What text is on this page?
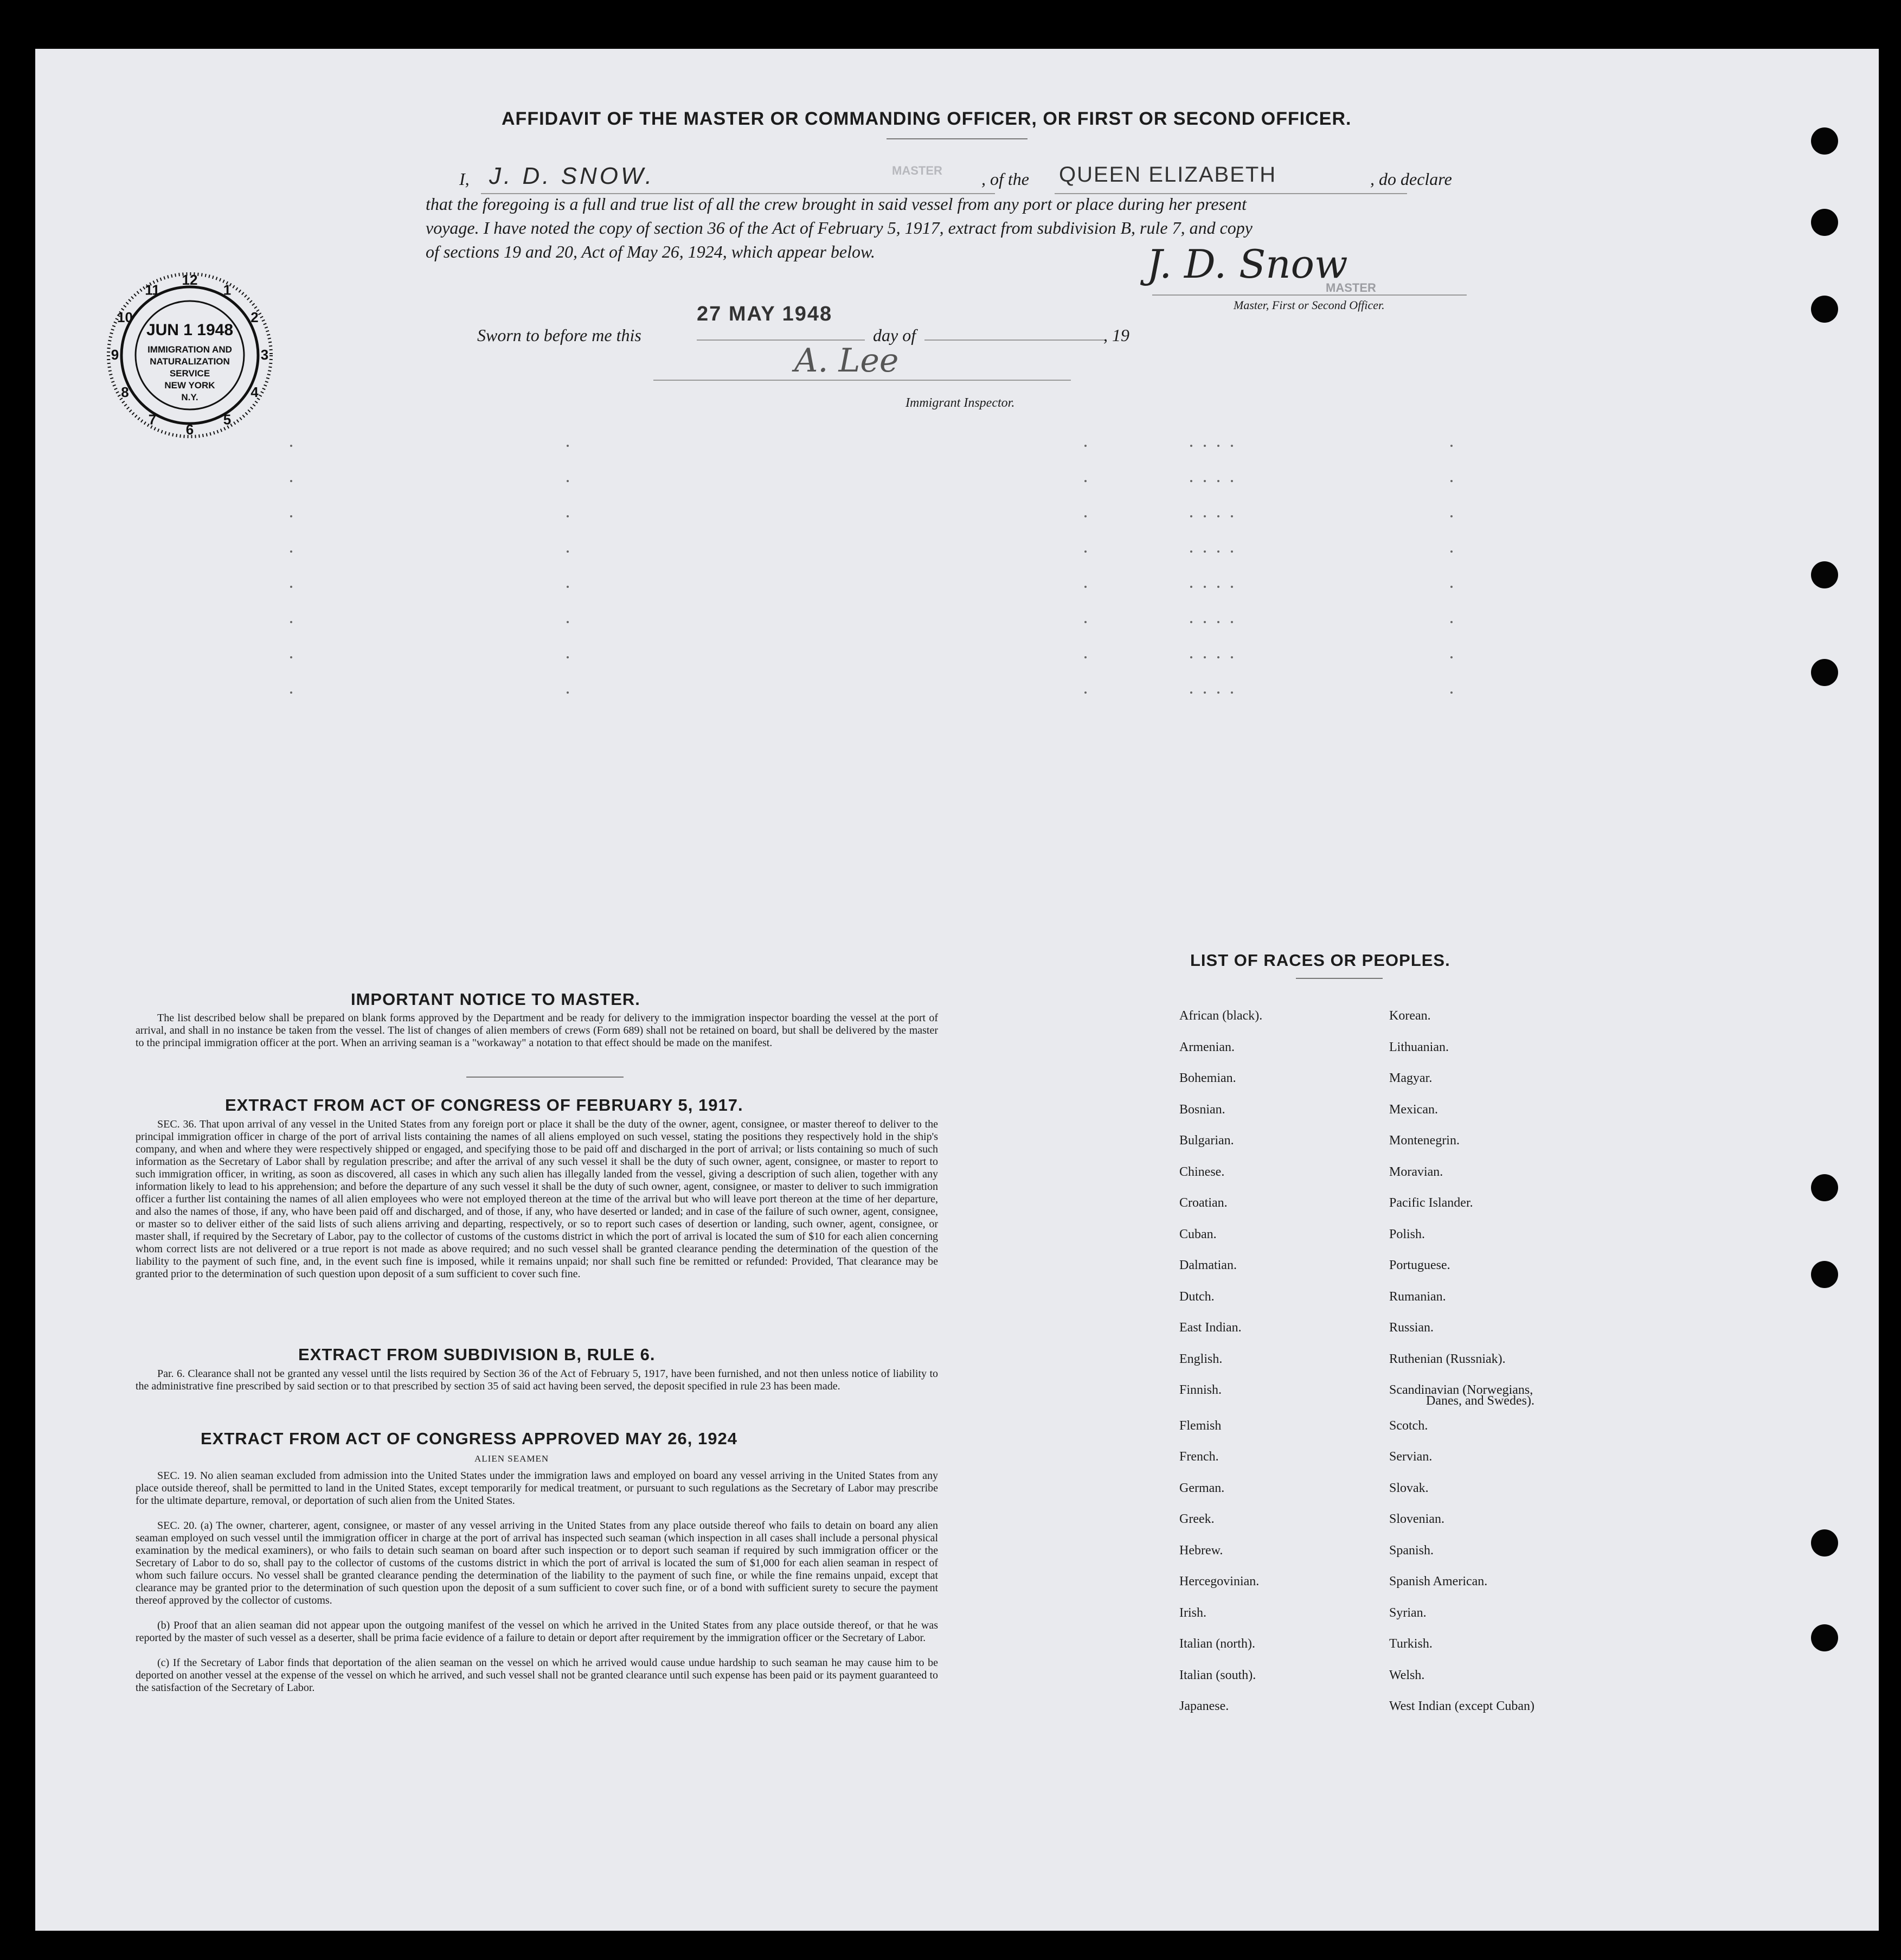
AFFIDAVIT OF THE MASTER OR COMMANDING OFFICER, OR FIRST OR SECOND OFFICER.
I, J. D. SNOW.	MASTER , of the QUEEN ELIZABETH	, do declare
that the foregoing is a full and true list of all the crew brought in said vessel from any port or place during her present
voyage. I have noted the copy of section 36 of the Act of February 5, 1917, extract from subdivision B, rule 7, and copy
of sections 19 and 20, Act of May 26, 1924, which appear below.	J. D. Snow
MASTER
Master, First or Second Officer.
Sworn to before me this
27 MAY 1948
day of	, 19
A. Lee
Immigrant Inspector.
10
11
12
1
2
3
4
5
6
7
8
9
JUN 1 1948
IMMIGRATION AND
NATURALIZATION
SERVICE
NEW YORK
N.Y.
IMPORTANT NOTICE TO MASTER.
The list described below shall be prepared on blank forms approved by the Department and be ready for delivery to the immigration inspector boarding the vessel at the port of arrival, and shall in no instance be taken from the vessel. The list of changes of alien members of crews (Form 689) shall not be retained on board, but shall be delivered by the master to the principal immigration officer at the port. When an arriving seaman is a "workaway" a notation to that effect should be made on the manifest.
EXTRACT FROM ACT OF CONGRESS OF FEBRUARY 5, 1917.
SEC. 36. That upon arrival of any vessel in the United States from any foreign port or place it shall be the duty of the owner, agent, consignee, or master thereof to deliver to the principal immigration officer in charge of the port of arrival lists containing the names of all aliens employed on such vessel, stating the positions they respectively hold in the ship's company, and when and where they were respectively shipped or engaged, and specifying those to be paid off and discharged in the port of arrival; or lists containing so much of such information as the Secretary of Labor shall by regulation prescribe; and after the arrival of any such vessel it shall be the duty of such owner, agent, consignee, or master to report to such immigration officer, in writing, as soon as discovered, all cases in which any such alien has illegally landed from the vessel, giving a description of such alien, together with any information likely to lead to his apprehension; and before the departure of any such vessel it shall be the duty of such owner, agent, consignee, or master to deliver to such immigration officer a further list containing the names of all alien employees who were not employed thereon at the time of the arrival but who will leave port thereon at the time of her departure, and also the names of those, if any, who have been paid off and discharged, and of those, if any, who have deserted or landed; and in case of the failure of such owner, agent, consignee, or master so to deliver either of the said lists of such aliens arriving and departing, respectively, or so to report such cases of desertion or landing, such owner, agent, consignee, or master shall, if required by the Secretary of Labor, pay to the collector of customs of the customs district in which the port of arrival is located the sum of $10 for each alien concerning whom correct lists are not delivered or a true report is not made as above required; and no such vessel shall be granted clearance pending the determination of the question of the liability to the payment of such fine, and, in the event such fine is imposed, while it remains unpaid; nor shall such fine be remitted or refunded: Provided, That clearance may be granted prior to the determination of such question upon deposit of a sum sufficient to cover such fine.
EXTRACT FROM SUBDIVISION B, RULE 6.
Par. 6. Clearance shall not be granted any vessel until the lists required by Section 36 of the Act of February 5, 1917, have been furnished, and not then unless notice of liability to the administrative fine prescribed by said section or to that prescribed by section 35 of said act having been served, the deposit specified in rule 23 has been made.
EXTRACT FROM ACT OF CONGRESS APPROVED MAY 26, 1924
ALIEN SEAMEN
SEC. 19. No alien seaman excluded from admission into the United States under the immigration laws and employed on board any vessel arriving in the United States from any place outside thereof, shall be permitted to land in the United States, except temporarily for medical treatment, or pursuant to such regulations as the Secretary of Labor may prescribe for the ultimate departure, removal, or deportation of such alien from the United States.
SEC. 20. (a) The owner, charterer, agent, consignee, or master of any vessel arriving in the United States from any place outside thereof who fails to detain on board any alien seaman employed on such vessel until the immigration officer in charge at the port of arrival has inspected such seaman (which inspection in all cases shall include a personal physical examination by the medical examiners), or who fails to detain such seaman on board after such inspection or to deport such seaman if required by such immigration officer or the Secretary of Labor to do so, shall pay to the collector of customs of the customs district in which the port of arrival is located the sum of $1,000 for each alien seaman in respect of whom such failure occurs. No vessel shall be granted clearance pending the determination of the liability to the payment of such fine, or while the fine remains unpaid, except that clearance may be granted prior to the determination of such question upon the deposit of a sum sufficient to cover such fine, or of a bond with sufficient surety to secure the payment thereof approved by the collector of customs.
(b) Proof that an alien seaman did not appear upon the outgoing manifest of the vessel on which he arrived in the United States from any place outside thereof, or that he was reported by the master of such vessel as a deserter, shall be prima facie evidence of a failure to detain or deport after requirement by the immigration officer or the Secretary of Labor.
(c) If the Secretary of Labor finds that deportation of the alien seaman on the vessel on which he arrived would cause undue hardship to such seaman he may cause him to be deported on another vessel at the expense of the vessel on which he arrived, and such vessel shall not be granted clearance until such expense has been paid or its payment guaranteed to the satisfaction of the Secretary of Labor.
LIST OF RACES OR PEOPLES.
African (black).
Armenian.
Bohemian.
Bosnian.
Bulgarian.
Chinese.
Croatian.
Cuban.
Dalmatian.
Dutch.
East Indian.
English.
Finnish.
Flemish
French.
German.
Greek.
Hebrew.
Hercegovinian.
Irish.
Italian (north).
Italian (south).
Japanese.
Korean.
Lithuanian.
Magyar.
Mexican.
Montenegrin.
Moravian.
Pacific Islander.
Polish.
Portuguese.
Rumanian.
Russian.
Ruthenian (Russniak).
Scandinavian (Norwegians,
Scotch.
Servian.
Slovak.
Slovenian.
Spanish.
Spanish American.
Syrian.
Turkish.
Welsh.
West Indian (except Cuban)
Danes, and Swedes).
